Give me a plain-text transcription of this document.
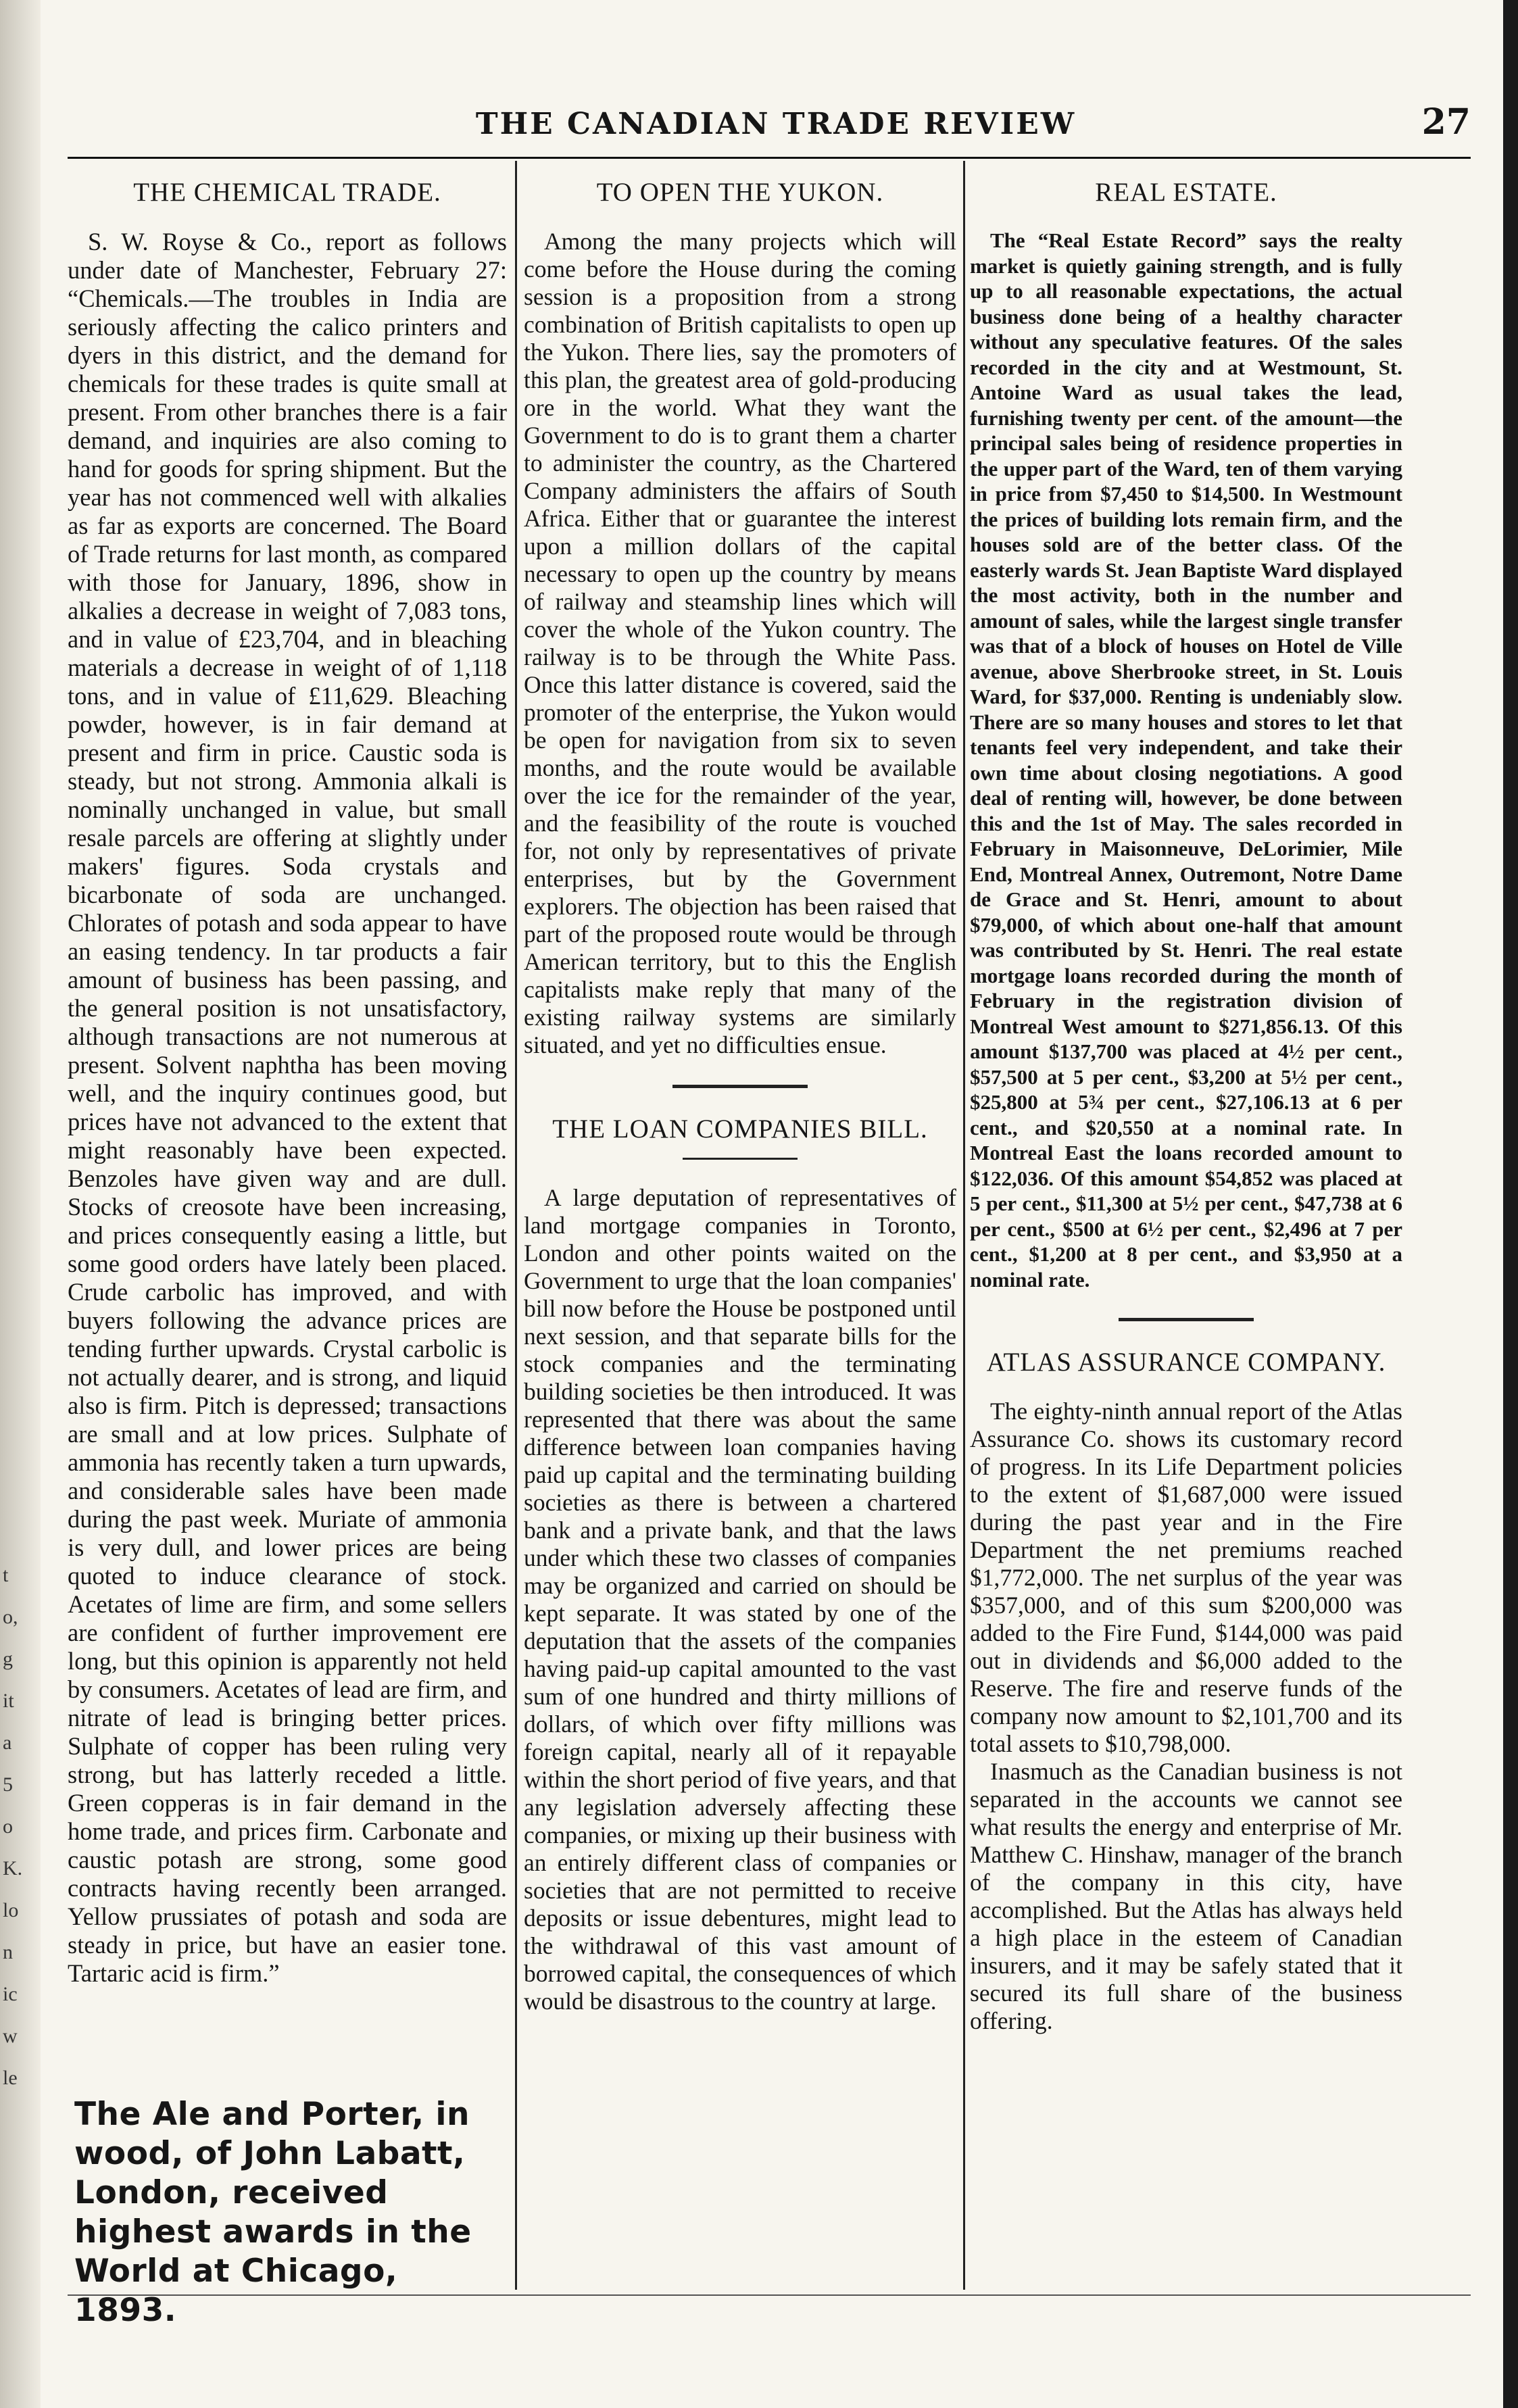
t
o,
g
it
a
5
o
K.
lo
n
ic
w
le
THE CANADIAN TRADE REVIEW	27
THE CHEMICAL TRADE.

S. W. Royse & Co., report as follows under date of Manchester, February 27: “Chemicals.—The troubles in India are seriously affecting the calico printers and dyers in this district, and the demand for chemicals for these trades is quite small at present. From other branches there is a fair demand, and inquiries are also coming to hand for goods for spring shipment. But the year has not commenced well with alkalies as far as exports are concerned. The Board of Trade returns for last month, as compared with those for January, 1896, show in alkalies a decrease in weight of 7,083 tons, and in value of £23,704, and in bleaching materials a decrease in weight of of 1,118 tons, and in value of £11,629. Bleaching powder, however, is in fair demand at present and firm in price. Caustic soda is steady, but not strong. Ammonia alkali is nominally unchanged in value, but small resale parcels are offering at slightly under makers' figures. Soda crystals and bicarbonate of soda are unchanged. Chlorates of potash and soda appear to have an easing tendency. In tar products a fair amount of business has been passing, and the general position is not unsatisfactory, although transactions are not numerous at present. Solvent naphtha has been moving well, and the inquiry continues good, but prices have not advanced to the extent that might reasonably have been expected. Benzoles have given way and are dull. Stocks of creosote have been increasing, and prices consequently easing a little, but some good orders have lately been placed. Crude carbolic has improved, and with buyers following the advance prices are tending further upwards. Crystal carbolic is not actually dearer, and is strong, and liquid also is firm. Pitch is depressed; transactions are small and at low prices. Sulphate of ammonia has recently taken a turn upwards, and considerable sales have been made during the past week. Muriate of ammonia is very dull, and lower prices are being quoted to induce clearance of stock. Acetates of lime are firm, and some sellers are confident of further improvement ere long, but this opinion is apparently not held by consumers. Acetates of lead are firm, and nitrate of lead is bringing better prices. Sulphate of copper has been ruling very strong, but has latterly receded a little. Green copperas is in fair demand in the home trade, and prices firm. Carbonate and caustic potash are strong, some good contracts having recently been arranged. Yellow prussiates of potash and soda are steady in price, but have an easier tone. Tartaric acid is firm.”

The Ale and Porter, in wood, of John Labatt, London, received highest awards in the World at Chicago, 1893.
TO OPEN THE YUKON.

Among the many projects which will come before the House during the coming session is a proposition from a strong combination of British capitalists to open up the Yukon. There lies, say the promoters of this plan, the greatest area of gold-producing ore in the world. What they want the Government to do is to grant them a charter to administer the country, as the Chartered Company administers the affairs of South Africa. Either that or guarantee the interest upon a million dollars of the capital necessary to open up the country by means of railway and steamship lines which will cover the whole of the Yukon country. The railway is to be through the White Pass. Once this latter distance is covered, said the promoter of the enterprise, the Yukon would be open for navigation from six to seven months, and the route would be available over the ice for the remainder of the year, and the feasibility of the route is vouched for, not only by representatives of private enterprises, but by the Government explorers. The objection has been raised that part of the proposed route would be through American territory, but to this the English capitalists make reply that many of the existing railway systems are similarly situated, and yet no difficulties ensue.

THE LOAN COMPANIES BILL.

A large deputation of representatives of land mortgage companies in Toronto, London and other points waited on the Government to urge that the loan companies' bill now before the House be postponed until next session, and that separate bills for the stock companies and the terminating building societies be then introduced. It was represented that there was about the same difference between loan companies having paid up capital and the terminating building societies as there is between a chartered bank and a private bank, and that the laws under which these two classes of companies may be organized and carried on should be kept separate. It was stated by one of the deputation that the assets of the companies having paid-up capital amounted to the vast sum of one hundred and thirty millions of dollars, of which over fifty millions was foreign capital, nearly all of it repayable within the short period of five years, and that any legislation adversely affecting these companies, or mixing up their business with an entirely different class of companies or societies that are not permitted to receive deposits or issue debentures, might lead to the withdrawal of this vast amount of borrowed capital, the consequences of which would be disastrous to the country at large.

REAL ESTATE.

The “Real Estate Record” says the realty market is quietly gaining strength, and is fully up to all reasonable expectations, the actual business done being of a healthy character without any speculative features. Of the sales recorded in the city and at Westmount, St. Antoine Ward as usual takes the lead, furnishing twenty per cent. of the amount—the principal sales being of residence properties in the upper part of the Ward, ten of them varying in price from $7,450 to $14,500. In Westmount the prices of building lots remain firm, and the houses sold are of the better class. Of the easterly wards St. Jean Baptiste Ward displayed the most activity, both in the number and amount of sales, while the largest single transfer was that of a block of houses on Hotel de Ville avenue, above Sherbrooke street, in St. Louis Ward, for $37,000. Renting is undeniably slow. There are so many houses and stores to let that tenants feel very independent, and take their own time about closing negotiations. A good deal of renting will, however, be done between this and the 1st of May. The sales recorded in February in Maisonneuve, DeLorimier, Mile End, Montreal Annex, Outremont, Notre Dame de Grace and St. Henri, amount to about $79,000, of which about one-half that amount was contributed by St. Henri. The real estate mortgage loans recorded during the month of February in the registration division of Montreal West amount to $271,856.13. Of this amount $137,700 was placed at 4½ per cent., $57,500 at 5 per cent., $3,200 at 5½ per cent., $25,800 at 5¾ per cent., $27,106.13 at 6 per cent., and $20,550 at a nominal rate. In Montreal East the loans recorded amount to $122,036. Of this amount $54,852 was placed at 5 per cent., $11,300 at 5½ per cent., $47,738 at 6 per cent., $500 at 6½ per cent., $2,496 at 7 per cent., $1,200 at 8 per cent., and $3,950 at a nominal rate.

ATLAS ASSURANCE COMPANY.

The eighty-ninth annual report of the Atlas Assurance Co. shows its customary record of progress. In its Life Department policies to the extent of $1,687,000 were issued during the past year and in the Fire Department the net premiums reached $1,772,000. The net surplus of the year was $357,000, and of this sum $200,000 was added to the Fire Fund, $144,000 was paid out in dividends and $6,000 added to the Reserve. The fire and reserve funds of the company now amount to $2,101,700 and its total assets to $10,798,000.

Inasmuch as the Canadian business is not separated in the accounts we cannot see what results the energy and enterprise of Mr. Matthew C. Hinshaw, manager of the branch of the company in this city, have accomplished. But the Atlas has always held a high place in the esteem of Canadian insurers, and it may be safely stated that it secured its full share of the business offering.
